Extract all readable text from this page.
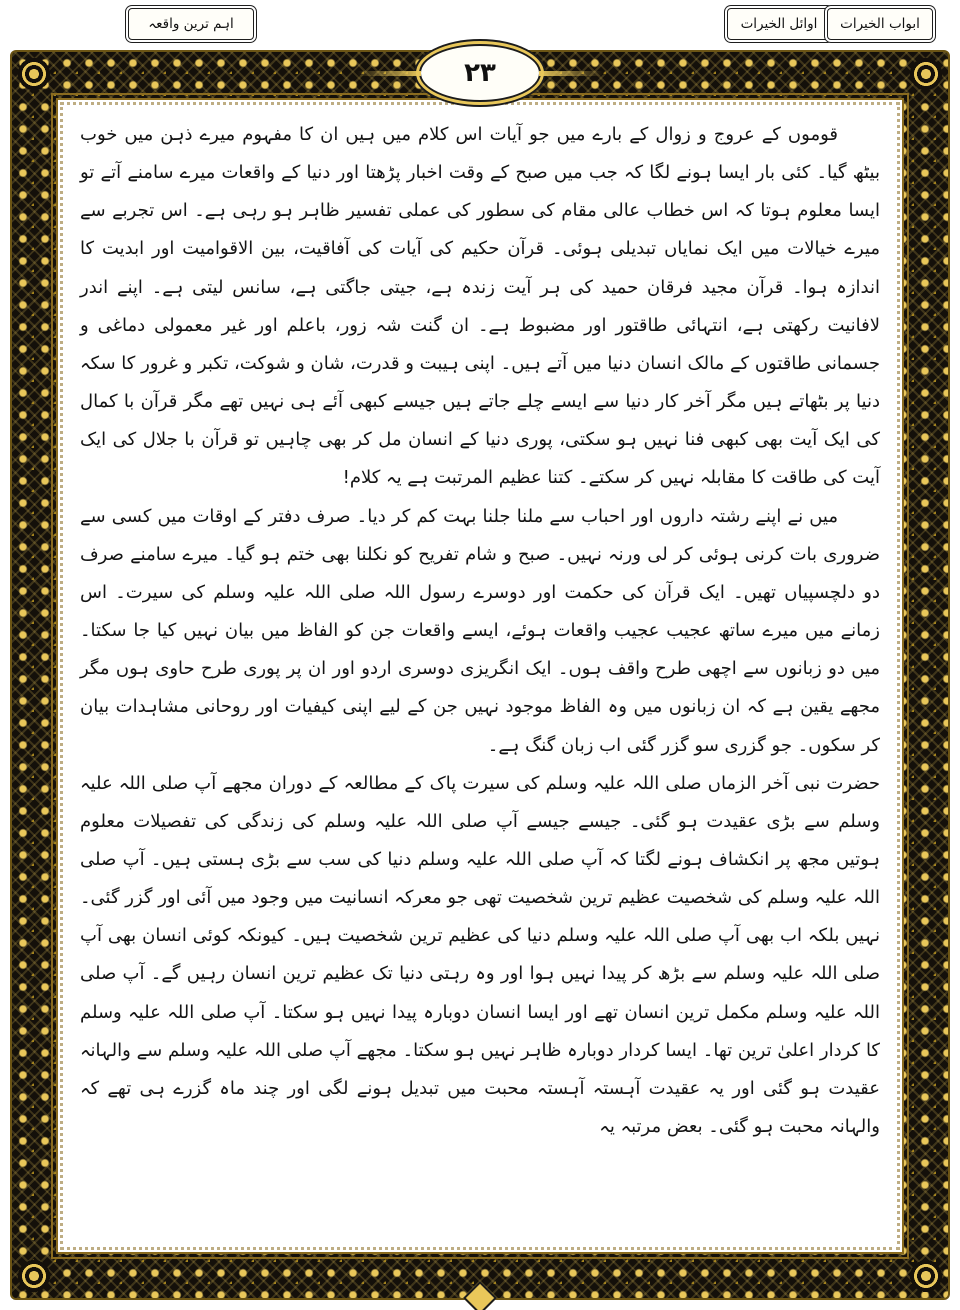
اہم ترین واقعہ	اوائل الخیرات ابواب الخیرات
۲۳

قوموں کے عروج و زوال کے بارے میں جو آیات اس کلام میں ہیں ان کا مفہوم میرے ذہن میں خوب بیٹھ گیا۔ کئی بار ایسا ہونے لگا کہ جب میں صبح کے وقت اخبار پڑھتا اور دنیا کے واقعات میرے سامنے آتے تو ایسا معلوم ہوتا کہ اس خطاب عالی مقام کی سطور کی عملی تفسیر ظاہر ہو رہی ہے۔ اس تجربے سے میرے خیالات میں ایک نمایاں تبدیلی ہوئی۔ قرآن حکیم کی آیات کی آفاقیت، بین الاقوامیت اور ابدیت کا اندازہ ہوا۔ قرآن مجید فرقان حمید کی ہر آیت زندہ ہے، جیتی جاگتی ہے، سانس لیتی ہے۔ اپنے اندر لافانیت رکھتی ہے، انتہائی طاقتور اور مضبوط ہے۔ ان گنت شہ زور، باعلم اور غیر معمولی دماغی و جسمانی طاقتوں کے مالک انسان دنیا میں آتے ہیں۔ اپنی ہیبت و قدرت، شان و شوکت، تکبر و غرور کا سکہ دنیا پر بٹھاتے ہیں مگر آخر کار دنیا سے ایسے چلے جاتے ہیں جیسے کبھی آئے ہی نہیں تھے مگر قرآن با کمال کی ایک آیت بھی کبھی فنا نہیں ہو سکتی، پوری دنیا کے انسان مل کر بھی چاہیں تو قرآن با جلال کی ایک آیت کی طاقت کا مقابلہ نہیں کر سکتے۔ کتنا عظیم المرتبت ہے یہ کلام!

میں نے اپنے رشتہ داروں اور احباب سے ملنا جلنا بہت کم کر دیا۔ صرف دفتر کے اوقات میں کسی سے ضروری بات کرنی ہوئی کر لی ورنہ نہیں۔ صبح و شام تفریح کو نکلنا بھی ختم ہو گیا۔ میرے سامنے صرف دو دلچسپیاں تھیں۔ ایک قرآن کی حکمت اور دوسرے رسول اللہ صلی اللہ علیہ وسلم کی سیرت۔ اس زمانے میں میرے ساتھ عجیب عجیب واقعات ہوئے، ایسے واقعات جن کو الفاظ میں بیان نہیں کیا جا سکتا۔ میں دو زبانوں سے اچھی طرح واقف ہوں۔ ایک انگریزی دوسری اردو اور ان پر پوری طرح حاوی ہوں مگر مجھے یقین ہے کہ ان زبانوں میں وہ الفاظ موجود نہیں جن کے لیے اپنی کیفیات اور روحانی مشاہدات بیان کر سکوں۔ جو گزری سو گزر گئی اب زبان گنگ ہے۔

حضرت نبی آخر الزماں صلی اللہ علیہ وسلم کی سیرت پاک کے مطالعہ کے دوران مجھے آپ صلی اللہ علیہ وسلم سے بڑی عقیدت ہو گئی۔ جیسے جیسے آپ صلی اللہ علیہ وسلم کی زندگی کی تفصیلات معلوم ہوتیں مجھ پر انکشاف ہونے لگتا کہ آپ صلی اللہ علیہ وسلم دنیا کی سب سے بڑی ہستی ہیں۔ آپ صلی اللہ علیہ وسلم کی شخصیت عظیم ترین شخصیت تھی جو معرکہ انسانیت میں وجود میں آئی اور گزر گئی۔ نہیں بلکہ اب بھی آپ صلی اللہ علیہ وسلم دنیا کی عظیم ترین شخصیت ہیں۔ کیونکہ کوئی انسان بھی آپ صلی اللہ علیہ وسلم سے بڑھ کر پیدا نہیں ہوا اور وہ رہتی دنیا تک عظیم ترین انسان رہیں گے۔ آپ صلی اللہ علیہ وسلم مکمل ترین انسان تھے اور ایسا انسان دوبارہ پیدا نہیں ہو سکتا۔ آپ صلی اللہ علیہ وسلم کا کردار اعلیٰ ترین تھا۔ ایسا کردار دوبارہ ظاہر نہیں ہو سکتا۔ مجھے آپ صلی اللہ علیہ وسلم سے والہانہ عقیدت ہو گئی اور یہ عقیدت آہستہ آہستہ محبت میں تبدیل ہونے لگی اور چند ماہ گزرے ہی تھے کہ والہانہ محبت ہو گئی۔ بعض مرتبہ یہ
